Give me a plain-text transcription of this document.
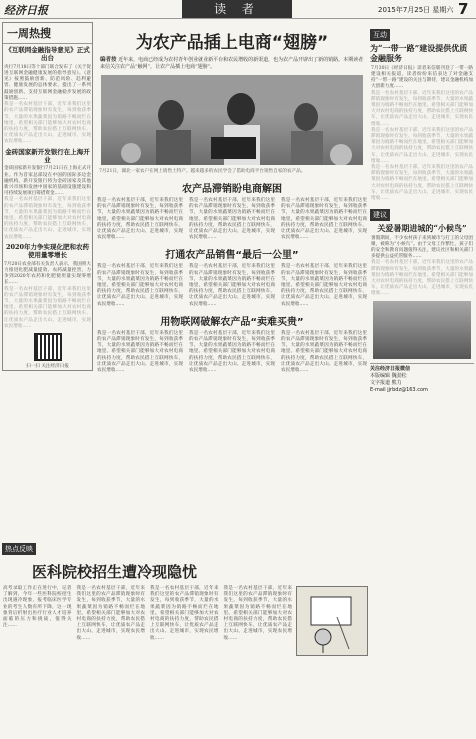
经济日报	读 者	2015年7月25日 星期六 7
一周热搜
《互联网金融指导意见》正式出台
央行7月18日等十部门联合发布了《关于促进互联网金融健康发展的指导意见》。《意见》按照鼓励创新、防范风险、趋利避害、健康发展的总体要求，提出了一系列鼓励创新、支持互联网金融稳步发展的政策措施……
我是一名农村基层干部，近年来我们这里的农产品滞销现象时有发生，每到收获季节，大量的水果蔬菜因为销路不畅而烂在地里。希望相关部门能够加大对农村电商的扶持力度，帮助农民搭上互联网快车，让优质农产品走出大山、走进城市，实现农民增收……
金砖国家新开发银行在上海开业
金砖国家新开发银行7月21日在上海正式开业。作为首家总部设在中国的国际多边金融机构，新开发银行将为金砖国家及其他新兴市场和发展中国家的基础设施建设和可持续发展项目筹措资金……
我是一名农村基层干部，近年来我们这里的农产品滞销现象时有发生，每到收获季节，大量的水果蔬菜因为销路不畅而烂在地里。希望相关部门能够加大对农村电商的扶持力度，帮助农民搭上互联网快车，让优质农产品走出大山、走进城市，实现农民增收……
2020年力争实现化肥和农药使用量零增长
7月20日农业部有关负责人表示，我国将大力推进化肥减量提效、农药减量控害，力争到2020年农药和化肥使用量实现零增长……
我是一名农村基层干部，近年来我们这里的农产品滞销现象时有发生，每到收获季节，大量的水果蔬菜因为销路不畅而烂在地里。希望相关部门能够加大对农村电商的扶持力度，帮助农民搭上互联网快车，让优质农产品走出大山、走进城市，实现农民增收……
扫一扫 关注经济日报
为农产品插上电商“翅膀”
编者按 近年来，电商已经成为农村青年创业就业新平台和农民增收的新渠道，也为农产品开辟出了新的销路。本期读者来信关注农产品“触网”，让农产品插上电商“翅膀”。
7月21日，湖北一家农户在网上销售土特产。越来越多的农民学会了借助电商平台销售自家的农产品。
农产品滞销盼电商解困
我是一名农村基层干部，近年来我们这里的农产品滞销现象时有发生，每到收获季节，大量的水果蔬菜因为销路不畅而烂在地里。希望相关部门能够加大对农村电商的扶持力度，帮助农民搭上互联网快车，让优质农产品走出大山、走进城市，实现农民增收……
我是一名农村基层干部，近年来我们这里的农产品滞销现象时有发生，每到收获季节，大量的水果蔬菜因为销路不畅而烂在地里。希望相关部门能够加大对农村电商的扶持力度，帮助农民搭上互联网快车，让优质农产品走出大山、走进城市，实现农民增收……
我是一名农村基层干部，近年来我们这里的农产品滞销现象时有发生，每到收获季节，大量的水果蔬菜因为销路不畅而烂在地里。希望相关部门能够加大对农村电商的扶持力度，帮助农民搭上互联网快车，让优质农产品走出大山、走进城市，实现农民增收……
打通农产品销售“最后一公里”
我是一名农村基层干部，近年来我们这里的农产品滞销现象时有发生，每到收获季节，大量的水果蔬菜因为销路不畅而烂在地里。希望相关部门能够加大对农村电商的扶持力度，帮助农民搭上互联网快车，让优质农产品走出大山、走进城市，实现农民增收……
我是一名农村基层干部，近年来我们这里的农产品滞销现象时有发生，每到收获季节，大量的水果蔬菜因为销路不畅而烂在地里。希望相关部门能够加大对农村电商的扶持力度，帮助农民搭上互联网快车，让优质农产品走出大山、走进城市，实现农民增收……
我是一名农村基层干部，近年来我们这里的农产品滞销现象时有发生，每到收获季节，大量的水果蔬菜因为销路不畅而烂在地里。希望相关部门能够加大对农村电商的扶持力度，帮助农民搭上互联网快车，让优质农产品走出大山、走进城市，实现农民增收……
用物联网破解农产品“卖难买贵”
我是一名农村基层干部，近年来我们这里的农产品滞销现象时有发生，每到收获季节，大量的水果蔬菜因为销路不畅而烂在地里。希望相关部门能够加大对农村电商的扶持力度，帮助农民搭上互联网快车，让优质农产品走出大山、走进城市，实现农民增收……
我是一名农村基层干部，近年来我们这里的农产品滞销现象时有发生，每到收获季节，大量的水果蔬菜因为销路不畅而烂在地里。希望相关部门能够加大对农村电商的扶持力度，帮助农民搭上互联网快车，让优质农产品走出大山、走进城市，实现农民增收……
我是一名农村基层干部，近年来我们这里的农产品滞销现象时有发生，每到收获季节，大量的水果蔬菜因为销路不畅而烂在地里。希望相关部门能够加大对农村电商的扶持力度，帮助农民搭上互联网快车，让优质农产品走出大山、走进城市，实现农民增收……
热点反映
医科院校招生遭冷现隐忧
高考录取工作正在进行中，记者了解到，今年一些医科院校招生出现遇冷现象，报考临床医学专业的考生人数有所下降，这一现象背后折射出医疗行业人才培养面临的压力和挑战，值得关注……
我是一名农村基层干部，近年来我们这里的农产品滞销现象时有发生，每到收获季节，大量的水果蔬菜因为销路不畅而烂在地里。希望相关部门能够加大对农村电商的扶持力度，帮助农民搭上互联网快车，让优质农产品走出大山、走进城市，实现农民增收……
我是一名农村基层干部，近年来我们这里的农产品滞销现象时有发生，每到收获季节，大量的水果蔬菜因为销路不畅而烂在地里。希望相关部门能够加大对农村电商的扶持力度，帮助农民搭上互联网快车，让优质农产品走出大山、走进城市，实现农民增收……
我是一名农村基层干部，近年来我们这里的农产品滞销现象时有发生，每到收获季节，大量的水果蔬菜因为销路不畅而烂在地里。希望相关部门能够加大对农村电商的扶持力度，帮助农民搭上互联网快车，让优质农产品走出大山、走进城市，实现农民增收……
互动
为“一带一路”建设提供优质金融服务
7月30日《经济日报》读者来信版刊登了一带一路建设相关报道，读者纷纷来信表达了对金融支持“一带一路”建设的关注与期待，建议金融机构加大创新力度……
我是一名农村基层干部，近年来我们这里的农产品滞销现象时有发生，每到收获季节，大量的水果蔬菜因为销路不畅而烂在地里。希望相关部门能够加大对农村电商的扶持力度，帮助农民搭上互联网快车，让优质农产品走出大山、走进城市，实现农民增收……
我是一名农村基层干部，近年来我们这里的农产品滞销现象时有发生，每到收获季节，大量的水果蔬菜因为销路不畅而烂在地里。希望相关部门能够加大对农村电商的扶持力度，帮助农民搭上互联网快车，让优质农产品走出大山、走进城市，实现农民增收……
我是一名农村基层干部，近年来我们这里的农产品滞销现象时有发生，每到收获季节，大量的水果蔬菜因为销路不畅而烂在地里。希望相关部门能够加大对农村电商的扶持力度，帮助农民搭上互联网快车，让优质农产品走出大山、走进城市，实现农民增收……
建议
关爱暑期进城的“小候鸟”
暑假期间，不少农村孩子来到城市与打工的父母团聚，被称为“小候鸟”。由于父母工作繁忙，孩子们的安全和教育问题值得关注，建议社区和相关部门多提供公益托管服务……
我是一名农村基层干部，近年来我们这里的农产品滞销现象时有发生，每到收获季节，大量的水果蔬菜因为销路不畅而烂在地里。希望相关部门能够加大对农村电商的扶持力度，帮助农民搭上互联网快车，让优质农产品走出大山、走进城市，实现农民增收……
关注经济日报微信
本版编辑 魏劲松
文字报道 熊力
E-mail jjrbdz@163.com
